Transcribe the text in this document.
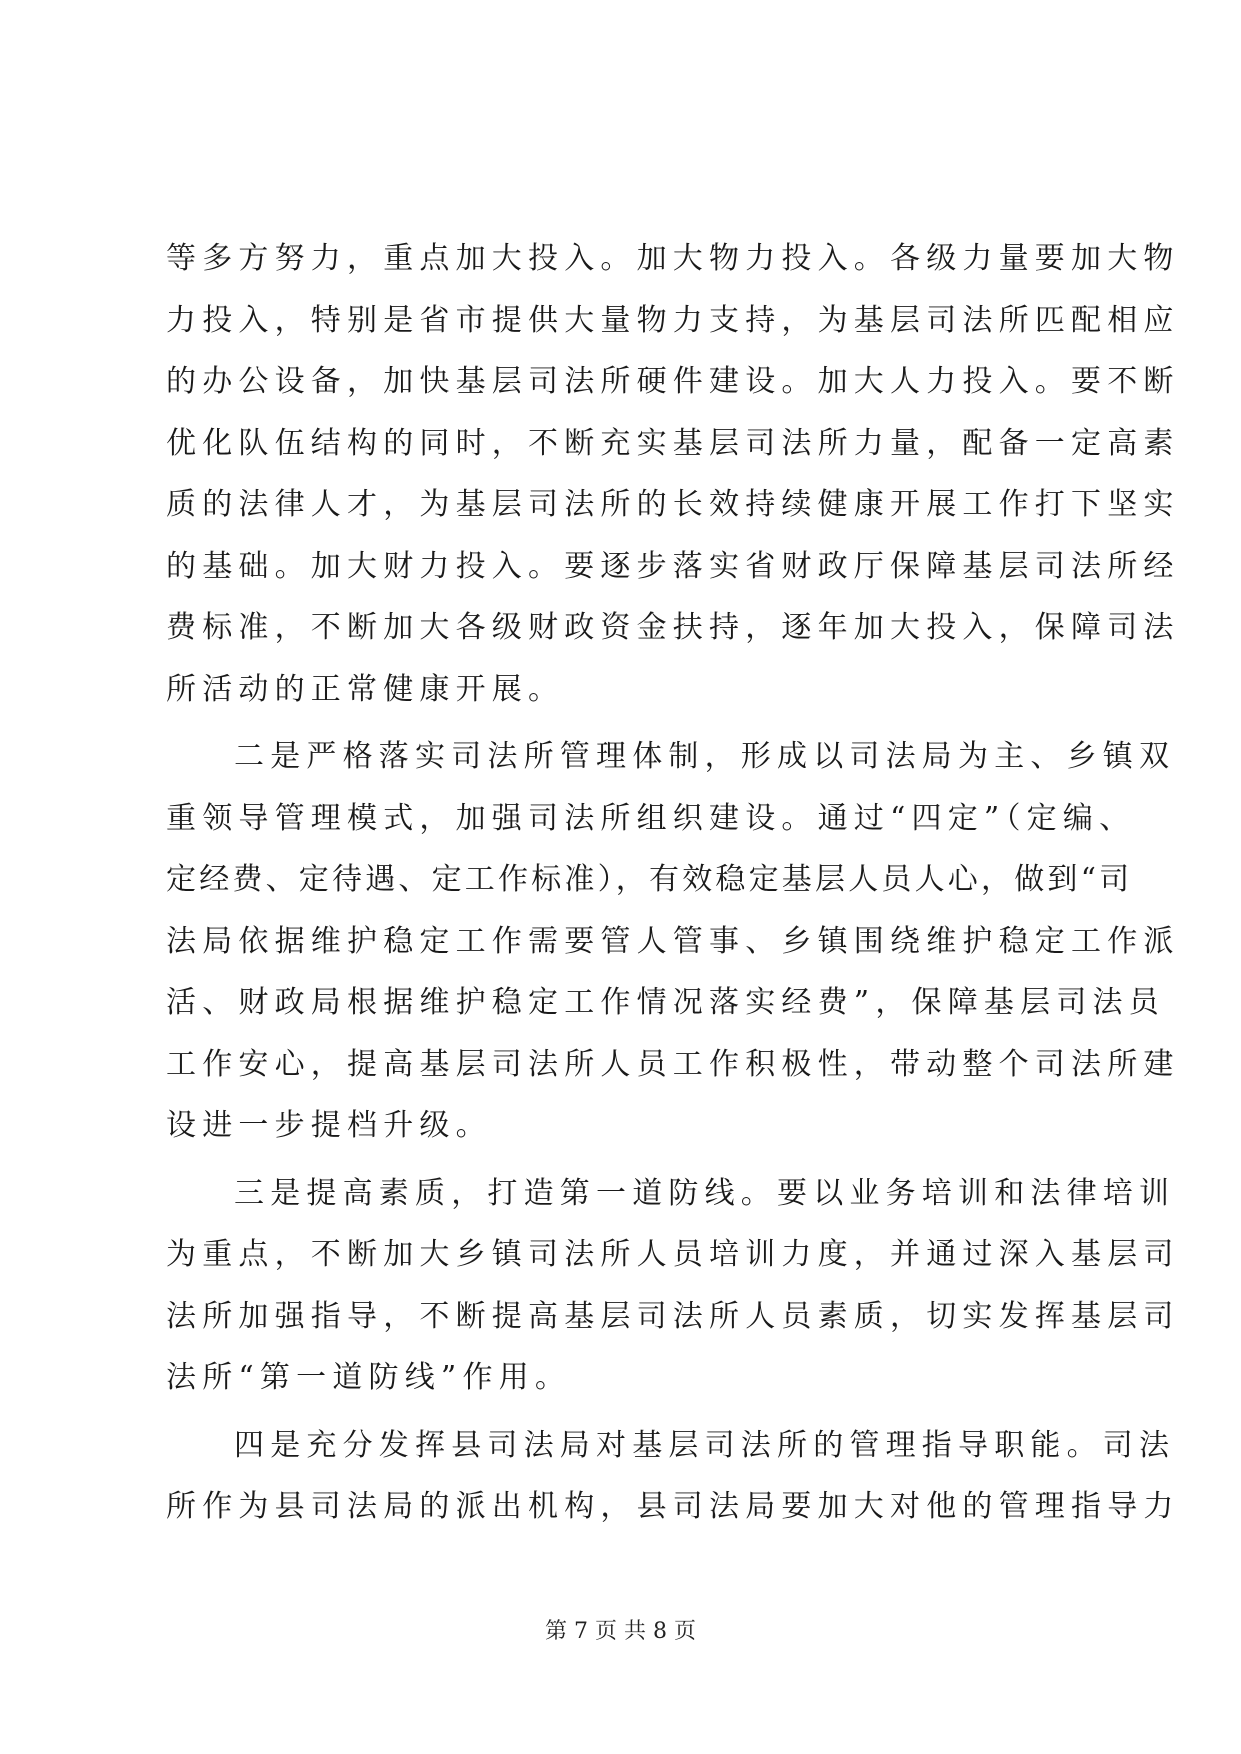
等多方努力，重点加大投入。加大物力投入。各级力量要加大物
力投入，特别是省市提供大量物力支持，为基层司法所匹配相应
的办公设备，加快基层司法所硬件建设。加大人力投入。要不断
优化队伍结构的同时，不断充实基层司法所力量，配备一定高素
质的法律人才，为基层司法所的长效持续健康开展工作打下坚实
的基础。加大财力投入。要逐步落实省财政厅保障基层司法所经
费标准，不断加大各级财政资金扶持，逐年加大投入，保障司法
所活动的正常健康开展。
二是严格落实司法所管理体制，形成以司法局为主、乡镇双
重领导管理模式，加强司法所组织建设。通过“四定”（定编、
定经费、定待遇、定工作标准），有效稳定基层人员人心，做到“司
法局依据维护稳定工作需要管人管事、乡镇围绕维护稳定工作派
活、财政局根据维护稳定工作情况落实经费”，保障基层司法员
工作安心，提高基层司法所人员工作积极性，带动整个司法所建
设进一步提档升级。
三是提高素质，打造第一道防线。要以业务培训和法律培训
为重点，不断加大乡镇司法所人员培训力度，并通过深入基层司
法所加强指导，不断提高基层司法所人员素质，切实发挥基层司
法所“第一道防线”作用。
四是充分发挥县司法局对基层司法所的管理指导职能。司法
所作为县司法局的派出机构，县司法局要加大对他的管理指导力
第 7 页 共 8 页
